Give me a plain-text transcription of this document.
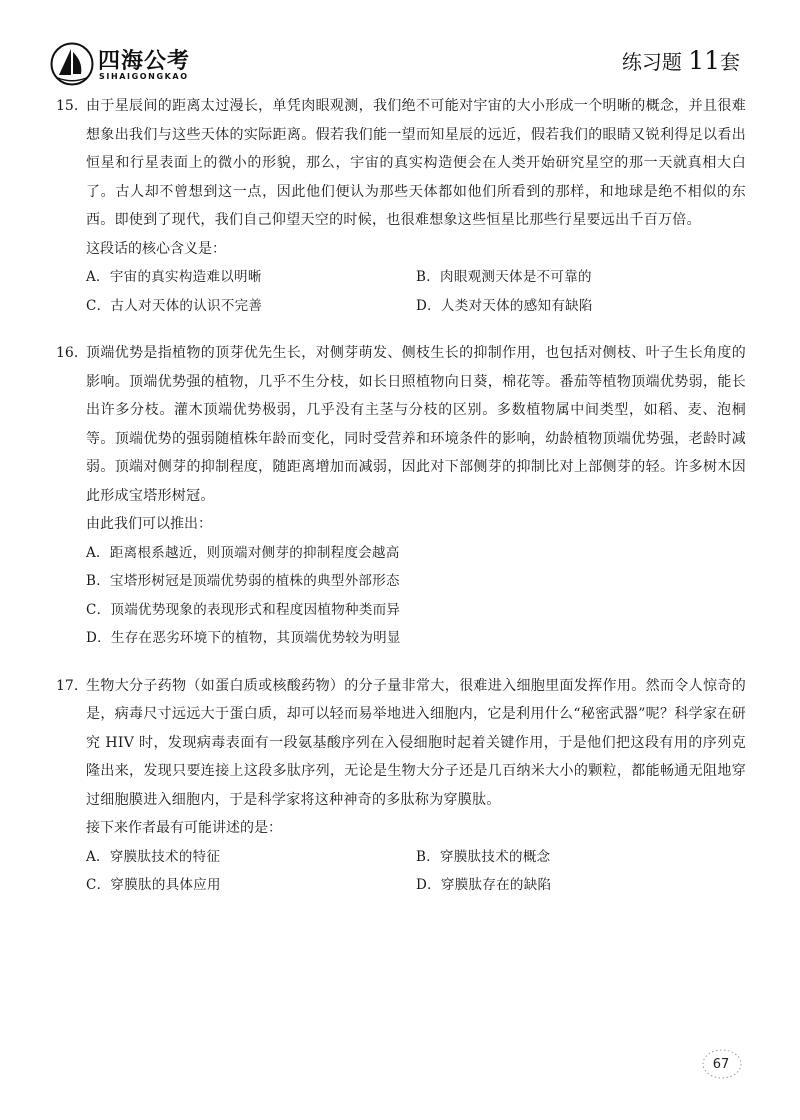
四海公考
SIHAIGONGKAO
练习题 11套
15. 由于星辰间的距离太过漫长，单凭肉眼观测，我们绝不可能对宇宙的大小形成一个明晰的概念，并且很难想象出我们与这些天体的实际距离。假若我们能一望而知星辰的远近，假若我们的眼睛又锐利得足以看出恒星和行星表面上的微小的形貌，那么，宇宙的真实构造便会在人类开始研究星空的那一天就真相大白了。古人却不曾想到这一点，因此他们便认为那些天体都如他们所看到的那样，和地球是绝不相似的东西。即使到了现代，我们自己仰望天空的时候，也很难想象这些恒星比那些行星要远出千百万倍。

这段话的核心含义是：

A．宇宙的真实构造难以明晰	B．肉眼观测天体是不可靠的
C．古人对天体的认识不完善	D．人类对天体的感知有缺陷
16. 顶端优势是指植物的顶芽优先生长，对侧芽萌发、侧枝生长的抑制作用，也包括对侧枝、叶子生长角度的影响。顶端优势强的植物，几乎不生分枝，如长日照植物向日葵，棉花等。番茄等植物顶端优势弱，能长出许多分枝。灌木顶端优势极弱，几乎没有主茎与分枝的区别。多数植物属中间类型，如稻、麦、泡桐等。顶端优势的强弱随植株年龄而变化，同时受营养和环境条件的影响，幼龄植物顶端优势强，老龄时减弱。顶端对侧芽的抑制程度，随距离增加而减弱，因此对下部侧芽的抑制比对上部侧芽的轻。许多树木因此形成宝塔形树冠。

由此我们可以推出：

A．距离根系越近，则顶端对侧芽的抑制程度会越高
B．宝塔形树冠是顶端优势弱的植株的典型外部形态
C．顶端优势现象的表现形式和程度因植物种类而异
D．生存在恶劣环境下的植物，其顶端优势较为明显
17. 生物大分子药物（如蛋白质或核酸药物）的分子量非常大，很难进入细胞里面发挥作用。然而令人惊奇的是，病毒尺寸远远大于蛋白质，却可以轻而易举地进入细胞内，它是利用什么“秘密武器”呢？科学家在研究 HIV 时，发现病毒表面有一段氨基酸序列在入侵细胞时起着关键作用，于是他们把这段有用的序列克隆出来，发现只要连接上这段多肽序列，无论是生物大分子还是几百纳米大小的颗粒，都能畅通无阻地穿过细胞膜进入细胞内，于是科学家将这种神奇的多肽称为穿膜肽。

接下来作者最有可能讲述的是：

A．穿膜肽技术的特征	B．穿膜肽技术的概念
C．穿膜肽的具体应用	D．穿膜肽存在的缺陷
67
